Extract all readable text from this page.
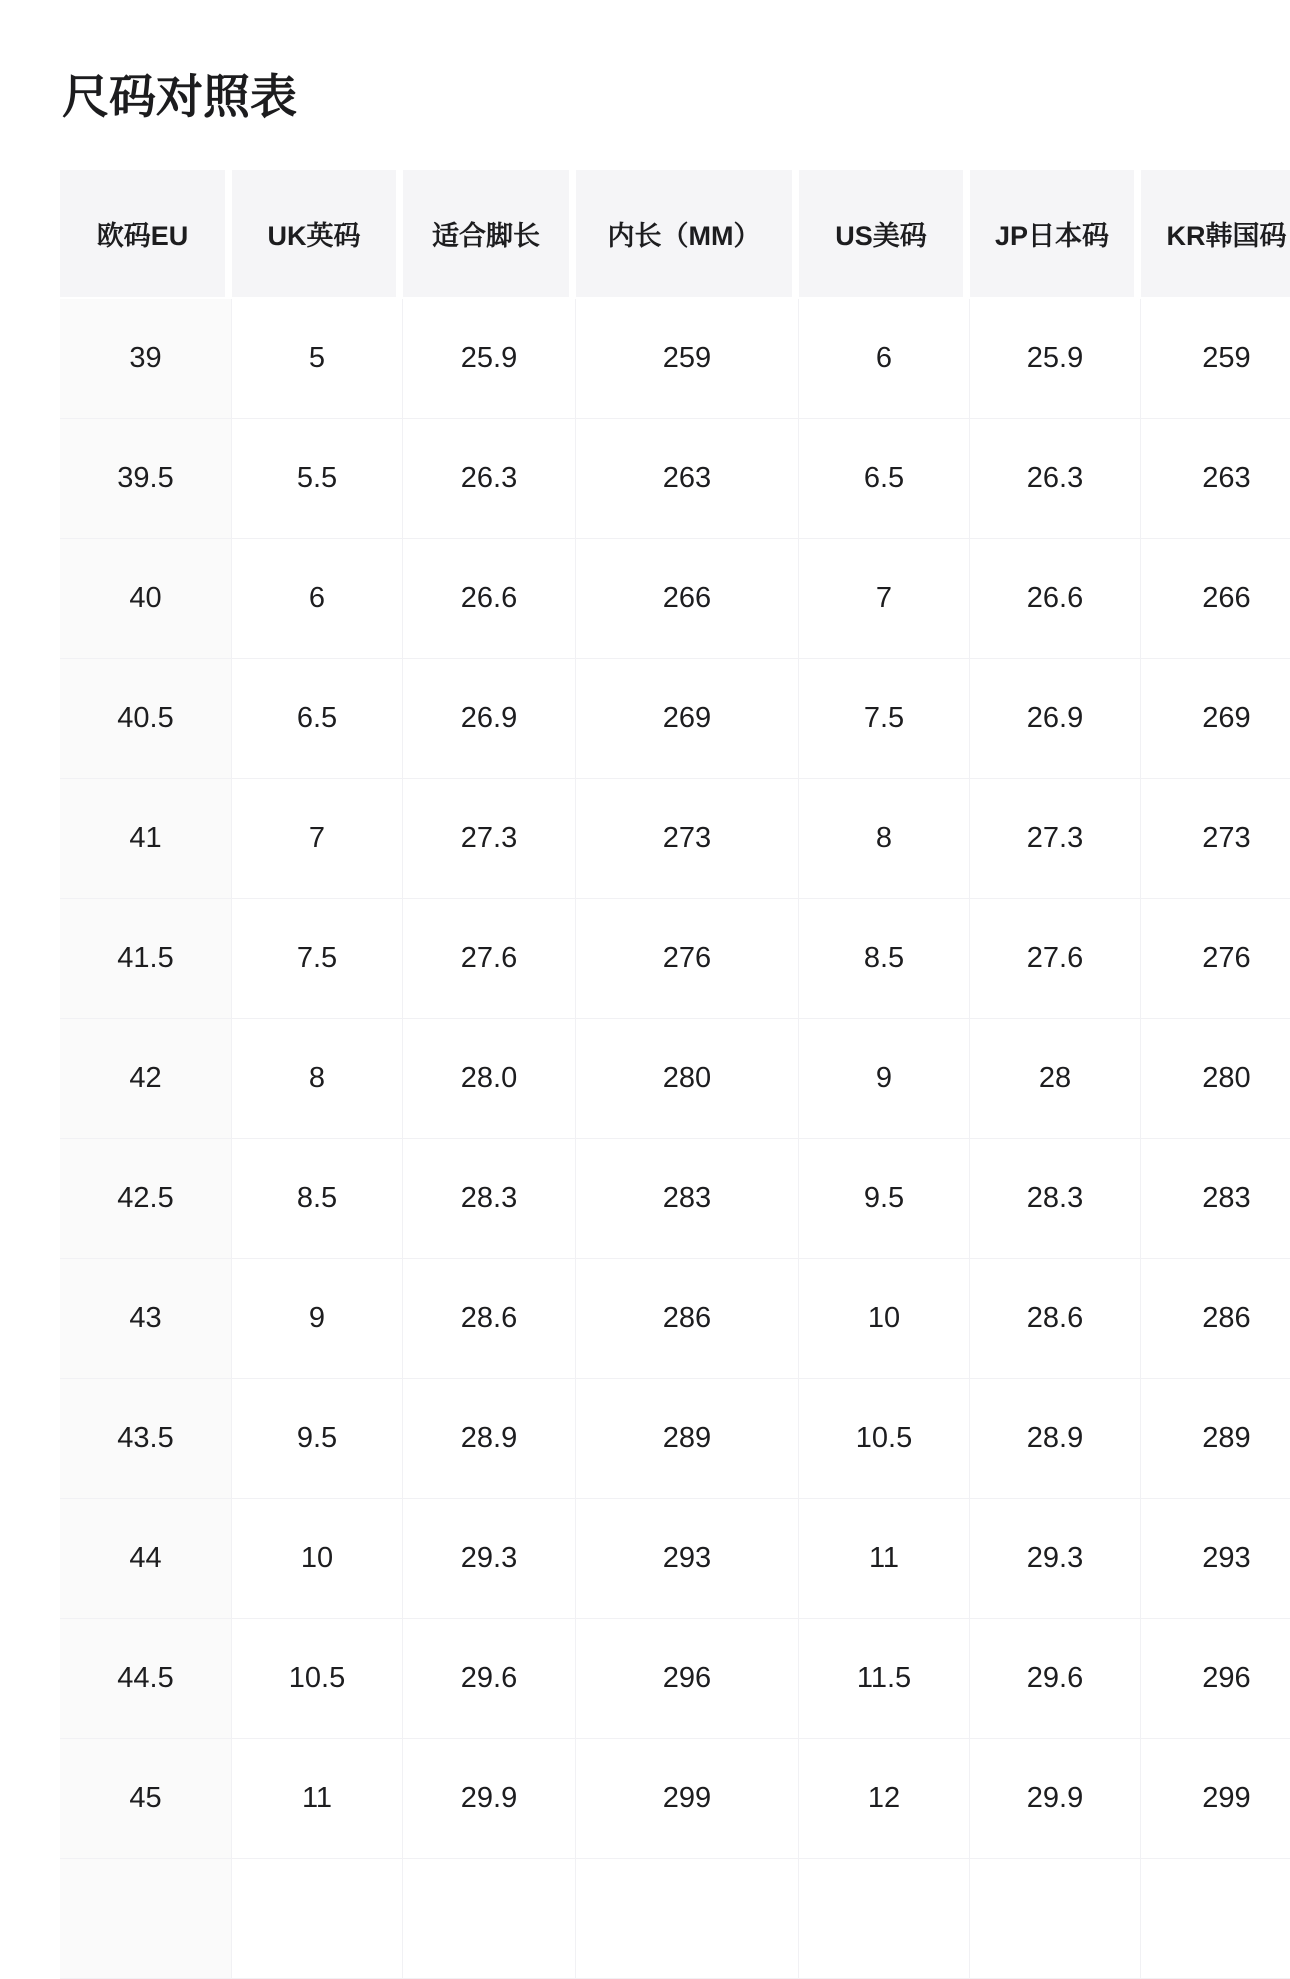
尺码对照表
欧码EU	UK英码	适合脚长	内长（MM）	US美码	JP日本码	KR韩国码
39	5	25.9	259	6	25.9	259
39.5	5.5	26.3	263	6.5	26.3	263
40	6	26.6	266	7	26.6	266
40.5	6.5	26.9	269	7.5	26.9	269
41	7	27.3	273	8	27.3	273
41.5	7.5	27.6	276	8.5	27.6	276
42	8	28.0	280	9	28	280
42.5	8.5	28.3	283	9.5	28.3	283
43	9	28.6	286	10	28.6	286
43.5	9.5	28.9	289	10.5	28.9	289
44	10	29.3	293	11	29.3	293
44.5	10.5	29.6	296	11.5	29.6	296
45	11	29.9	299	12	29.9	299
